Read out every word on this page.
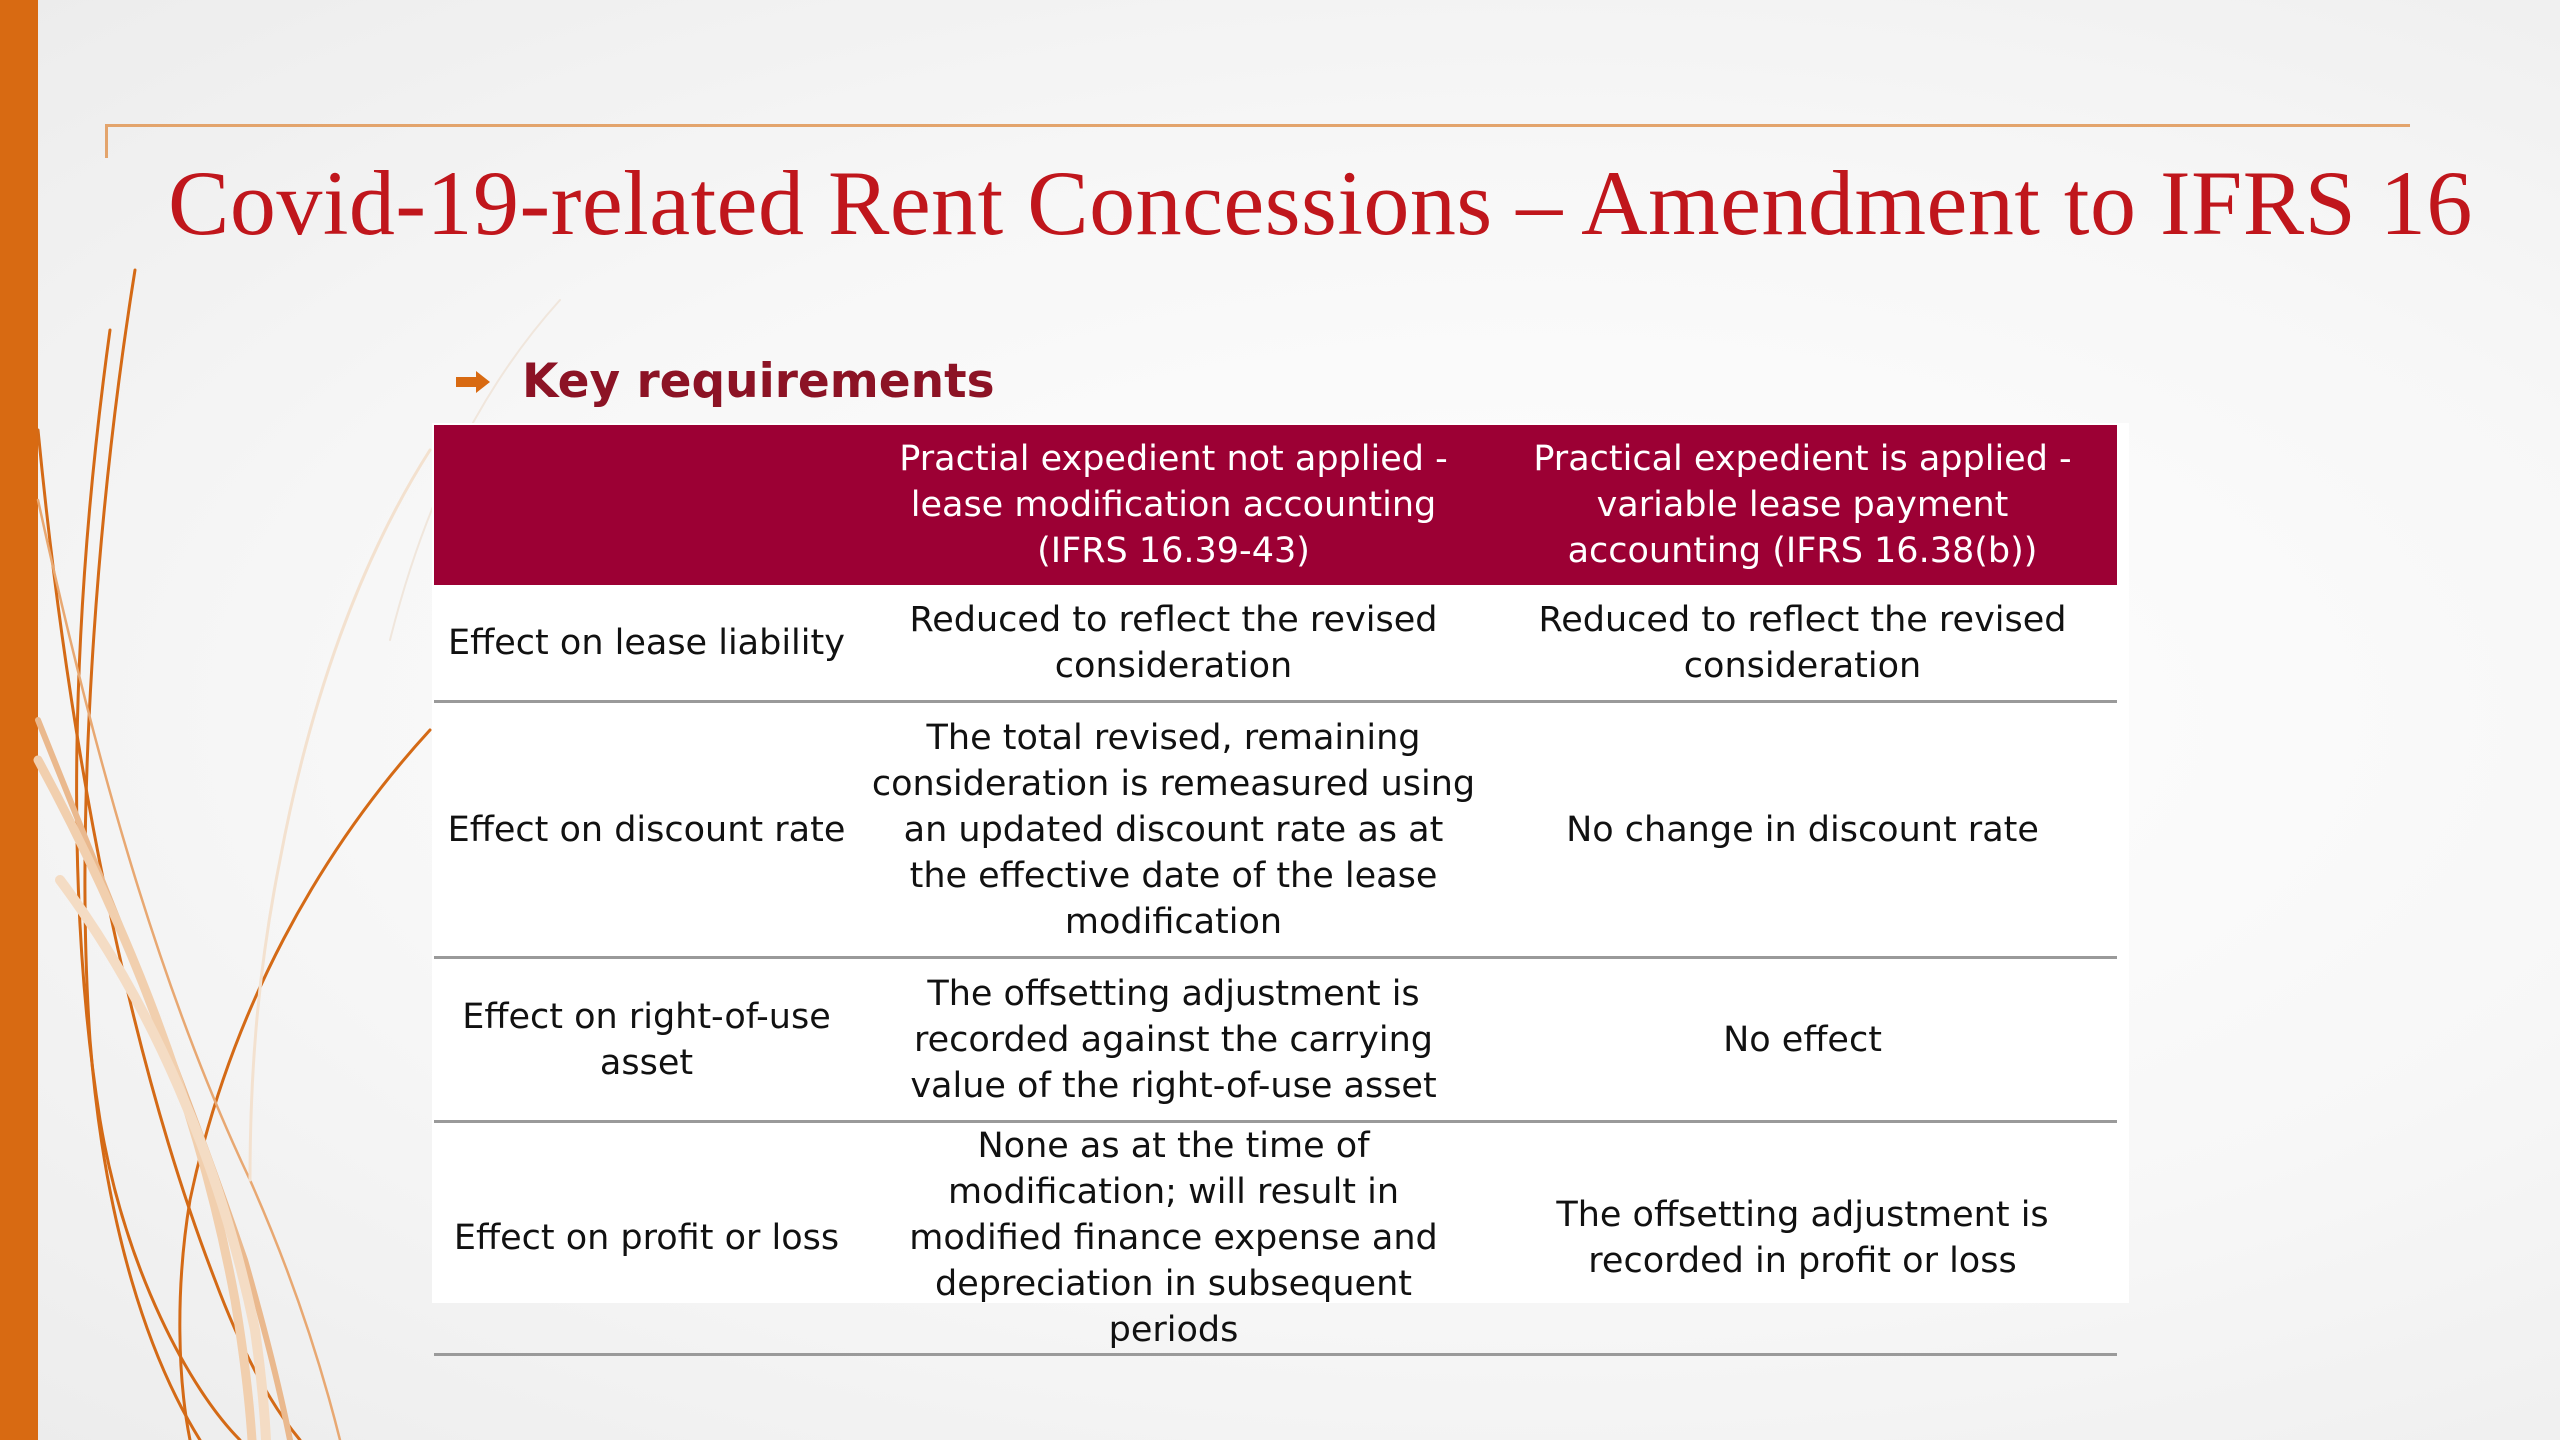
Covid-19-related Rent Concessions – Amendment to IFRS 16
Key requirements
	Practial expedient not applied - lease modification accounting (IFRS 16.39-43)	Practical expedient is applied - variable lease payment accounting (IFRS 16.38(b))
Effect on lease liability	Reduced to reflect the revised consideration	Reduced to reflect the revised consideration
Effect on discount rate	The total revised, remaining consideration is remeasured using an updated discount rate as at the effective date of the lease modification	No change in discount rate
Effect on right-of-use asset	The offsetting adjustment is recorded against the carrying value of the right-of-use asset	No effect
Effect on profit or loss	None as at the time of modification; will result in modified finance expense and depreciation in subsequent periods	The offsetting adjustment is recorded in profit or loss
